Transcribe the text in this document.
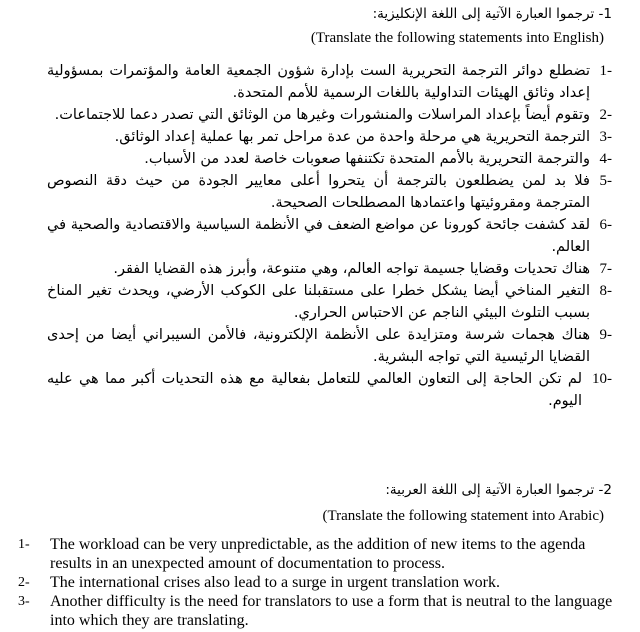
1- ترجموا العبارة الآتية إلى اللغة الإنكليزية:
(Translate the following statements into English)
-1
تضطلع دوائر الترجمة التحريرية الست بإدارة شؤون الجمعية العامة والمؤتمرات بمسؤولية إعداد وثائق الهيئات التداولية باللغات الرسمية للأمم المتحدة.
-2
وتقوم أيضاً بإعداد المراسلات والمنشورات وغيرها من الوثائق التي تصدر دعما للاجتماعات.
-3
الترجمة التحريرية هي مرحلة واحدة من عدة مراحل تمر بها عملية إعداد الوثائق.
-4
والترجمة التحريرية بالأمم المتحدة تكتنفها صعوبات خاصة لعدد من الأسباب.
-5
فلا بد لمن يضطلعون بالترجمة أن يتحروا أعلى معايير الجودة من حيث دقة النصوص المترجمة ومقروئيتها واعتمادها المصطلحات الصحيحة.
-6
لقد كشفت جائحة كورونا عن مواضع الضعف في الأنظمة السياسية والاقتصادية والصحية في العالم.
-7
هناك تحديات وقضايا جسيمة تواجه العالم، وهي متنوعة، وأبرز هذه القضايا الفقر.
-8
التغير المناخي أيضا يشكل خطرا على مستقبلنا على الكوكب الأرضي، ويحدث تغير المناخ بسبب التلوث البيئي الناجم عن الاحتباس الحراري.
-9
هناك هجمات شرسة ومتزايدة على الأنظمة الإلكترونية، فالأمن السيبراني أيضا من إحدى القضايا الرئيسية التي تواجه البشرية.
-10
لم تكن الحاجة إلى التعاون العالمي للتعامل بفعالية مع هذه التحديات أكبر مما هي عليه اليوم.
2- ترجموا العبارة الآتية إلى اللغة العربية:
(Translate the following statement into Arabic)
1-	The workload can be very unpredictable, as the addition of new items to the agenda results in an unexpected amount of documentation to process.
2-	The international crises also lead to a surge in urgent translation work.
3-	Another difficulty is the need for translators to use a form that is neutral to the language into which they are translating.
